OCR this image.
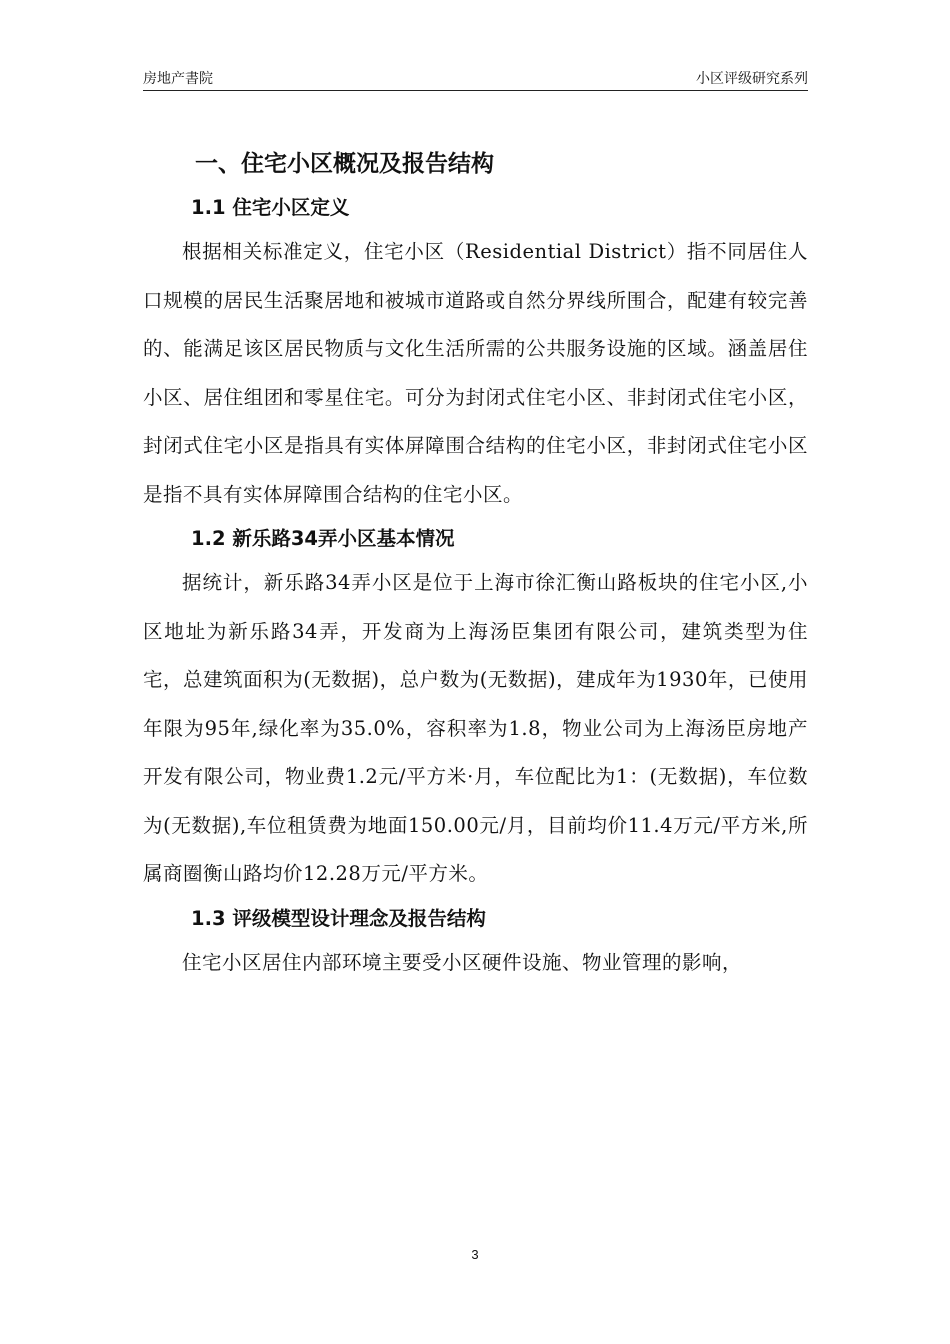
房地产書院	小区评级研究系列
一、住宅小区概况及报告结构
1.1 住宅小区定义

根据相关标准定义，住宅小区（Residential District）指不同居住人口规模的居民生活聚居地和被城市道路或自然分界线所围合，配建有较完善的、能满足该区居民物质与文化生活所需的公共服务设施的区域。涵盖居住小区、居住组团和零星住宅。可分为封闭式住宅小区、非封闭式住宅小区，封闭式住宅小区是指具有实体屏障围合结构的住宅小区，非封闭式住宅小区是指不具有实体屏障围合结构的住宅小区。

1.2 新乐路34弄小区基本情况

据统计，新乐路34弄小区是位于上海市徐汇衡山路板块的住宅小区,小区地址为新乐路34弄，开发商为上海汤臣集团有限公司，建筑类型为住宅，总建筑面积为(无数据)，总户数为(无数据)，建成年为1930年，已使用年限为95年,绿化率为35.0%，容积率为1.8，物业公司为上海汤臣房地产开发有限公司，物业费1.2元/平方米·月，车位配比为1：(无数据)，车位数为(无数据),车位租赁费为地面150.00元/月，目前均价11.4万元/平方米,所属商圈衡山路均价12.28万元/平方米。

1.3 评级模型设计理念及报告结构

住宅小区居住内部环境主要受小区硬件设施、物业管理的影响，

3
